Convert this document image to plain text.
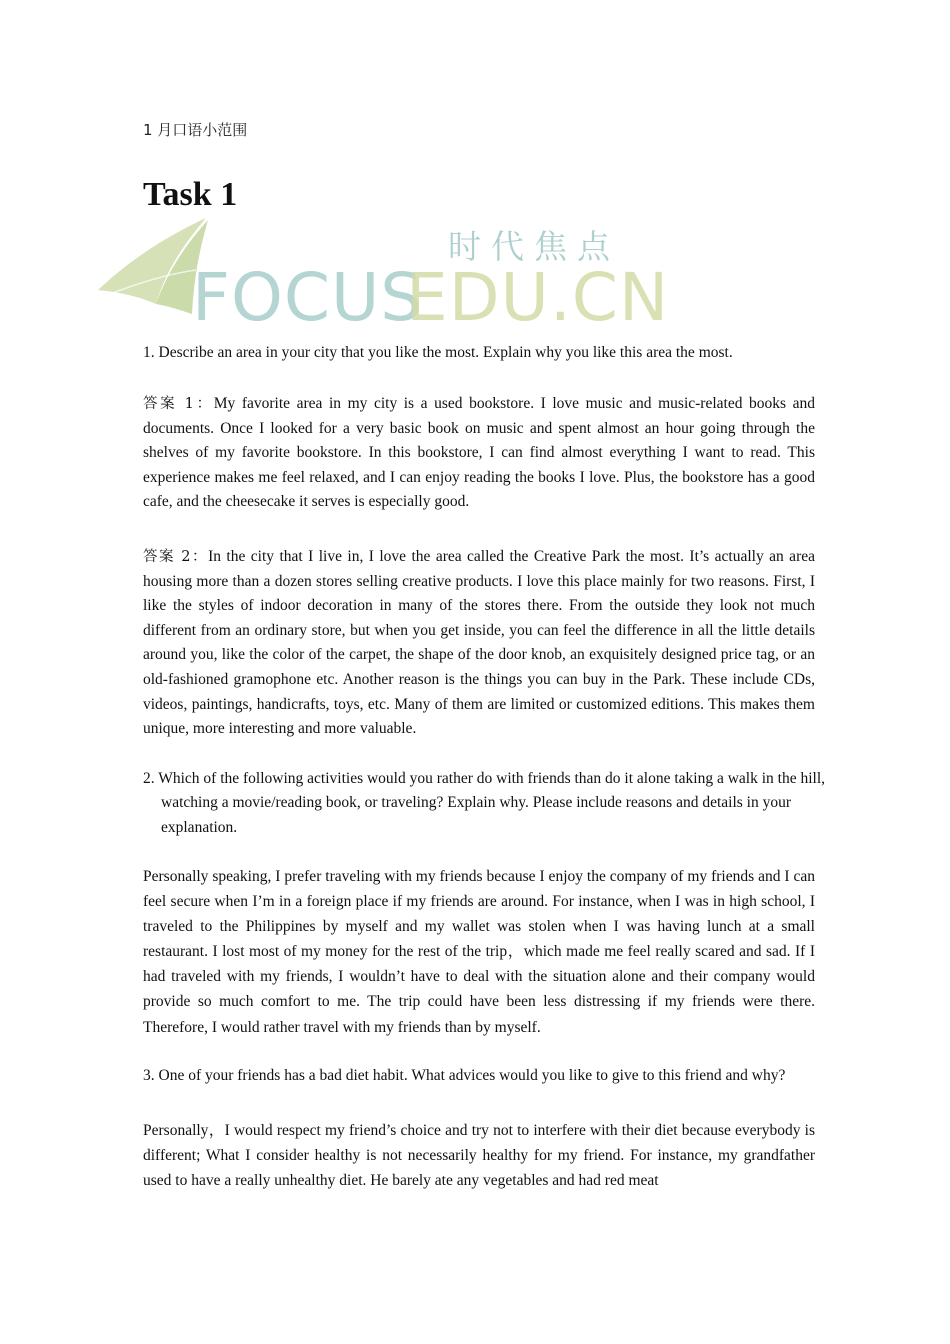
1 月口语小范围
Task 1
时代焦点
FOCUS
EDU.CN
1. Describe an area in your city that you like the most. Explain why you like this area the most.
答案 1：My favorite area in my city is a used bookstore. I love music and music-related books and documents. Once I looked for a very basic book on music and spent almost an hour going through the shelves of my favorite bookstore. In this bookstore, I can find almost everything I want to read. This experience makes me feel relaxed, and I can enjoy reading the books I love. Plus, the bookstore has a good cafe, and the cheesecake it serves is especially good.
答案 2：In the city that I live in, I love the area called the Creative Park the most. It’s actually an area housing more than a dozen stores selling creative products. I love this place mainly for two reasons. First, I like the styles of indoor decoration in many of the stores there. From the outside they look not much different from an ordinary store, but when you get inside, you can feel the difference in all the little details around you, like the color of the carpet, the shape of the door knob, an exquisitely designed price tag, or an old-fashioned gramophone etc. Another reason is the things you can buy in the Park. These include CDs, videos, paintings, handicrafts, toys, etc. Many of them are limited or customized editions. This makes them unique, more interesting and more valuable.
2. Which of the following activities would you rather do with friends than do it alone taking a walk in the hill, watching a movie/reading book, or traveling? Explain why. Please include reasons and details in your explanation.
Personally speaking, I prefer traveling with my friends because I enjoy the company of my friends and I can feel secure when I’m in a foreign place if my friends are around. For instance, when I was in high school, I traveled to the Philippines by myself and my wallet was stolen when I was having lunch at a small restaurant. I lost most of my money for the rest of the trip，which made me feel really scared and sad. If I had traveled with my friends, I wouldn’t have to deal with the situation alone and their company would provide so much comfort to me. The trip could have been less distressing if my friends were there. Therefore, I would rather travel with my friends than by myself.
3. One of your friends has a bad diet habit. What advices would you like to give to this friend and why?
Personally，I would respect my friend’s choice and try not to interfere with their diet because everybody is different; What I consider healthy is not necessarily healthy for my friend. For instance, my grandfather used to have a really unhealthy diet. He barely ate any vegetables and had red meat
